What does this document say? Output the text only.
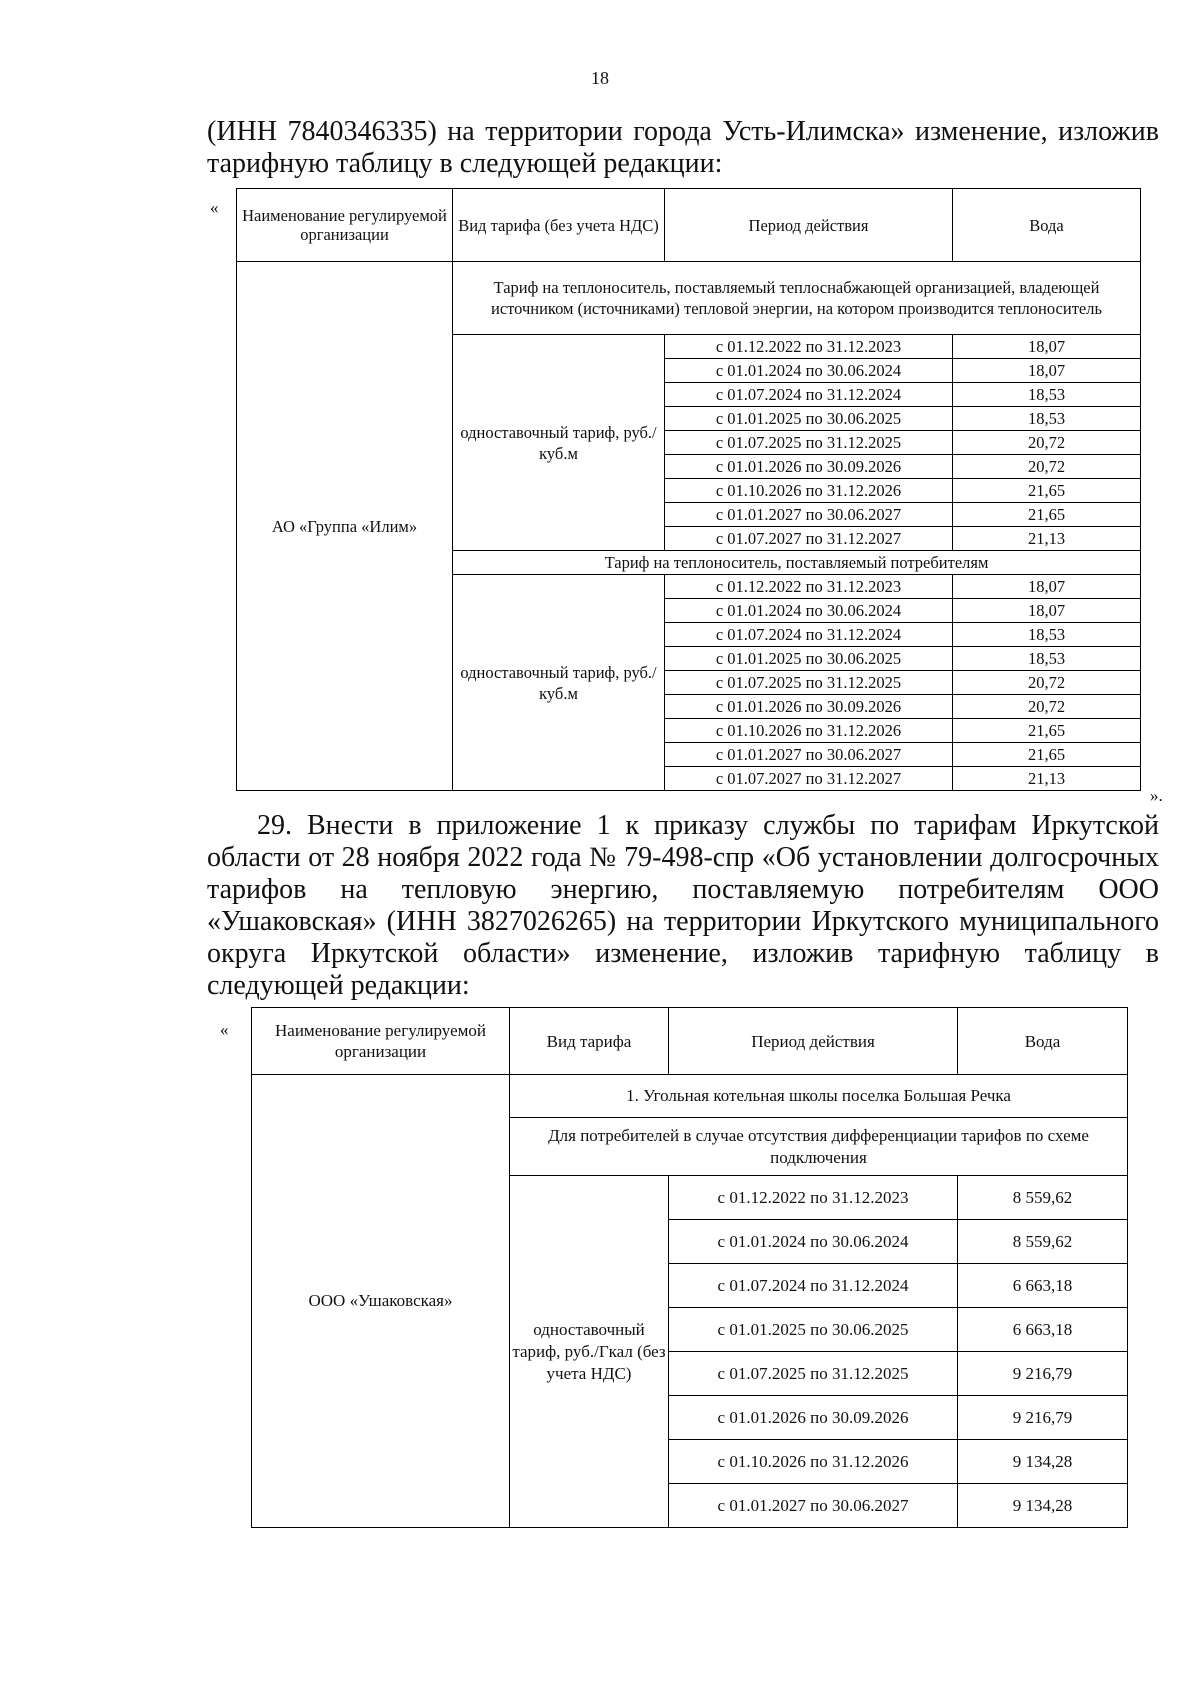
18
(ИНН 7840346335) на территории города Усть-Илимска» изменение, изложив тарифную таблицу в следующей редакции:
« Наименование регулируемой организации	Вид тарифа (без учета НДС)	Период действия	Вода
АО «Группа «Илим»	Тариф на теплоноситель, поставляемый теплоснабжающей организацией, владеющей источником (источниками) тепловой энергии, на котором производится теплоноситель		
	одноставочный тариф, руб./куб.м	с 01.12.2022 по 31.12.2023	18,07
		с 01.01.2024 по 30.06.2024	18,07
		с 01.07.2024 по 31.12.2024	18,53
		с 01.01.2025 по 30.06.2025	18,53
		с 01.07.2025 по 31.12.2025	20,72
		с 01.01.2026 по 30.09.2026	20,72
		с 01.10.2026 по 31.12.2026	21,65
		с 01.01.2027 по 30.06.2027	21,65
		с 01.07.2027 по 31.12.2027	21,13
	Тариф на теплоноситель, поставляемый потребителям		
	одноставочный тариф, руб./куб.м	с 01.12.2022 по 31.12.2023	18,07
		с 01.01.2024 по 30.06.2024	18,07
		с 01.07.2024 по 31.12.2024	18,53
		с 01.01.2025 по 30.06.2025	18,53
		с 01.07.2025 по 31.12.2025	20,72
		с 01.01.2026 по 30.09.2026	20,72
		с 01.10.2026 по 31.12.2026	21,65
		с 01.01.2027 по 30.06.2027	21,65
		с 01.07.2027 по 31.12.2027	21,13
».
29. Внести в приложение 1 к приказу службы по тарифам Иркутской области от 28 ноября 2022 года № 79-498-спр «Об установлении долгосрочных тарифов на тепловую энергию, поставляемую потребителям ООО «Ушаковская» (ИНН 3827026265) на территории Иркутского муниципального округа Иркутской области» изменение, изложив тарифную таблицу в следующей редакции:
«	Наименование регулируемой организации	Вид тарифа	Период действия	Вода
ООО «Ушаковская»	1. Угольная котельная школы поселка Большая Речка		
	Для потребителей в случае отсутствия дифференциации тарифов по схеме подключения		
	одноставочный тариф, руб./Гкал (без учета НДС)	с 01.12.2022 по 31.12.2023	8 559,62
		с 01.01.2024 по 30.06.2024	8 559,62
		с 01.07.2024 по 31.12.2024	6 663,18
		с 01.01.2025 по 30.06.2025	6 663,18
		с 01.07.2025 по 31.12.2025	9 216,79
		с 01.01.2026 по 30.09.2026	9 216,79
		с 01.10.2026 по 31.12.2026	9 134,28
		с 01.01.2027 по 30.06.2027	9 134,28
